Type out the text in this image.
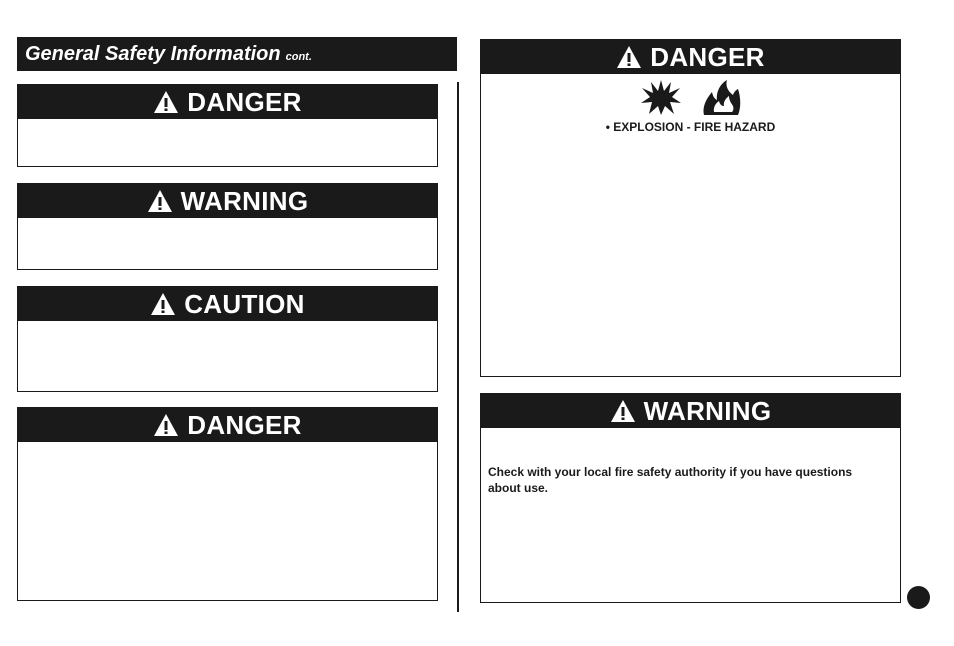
General Safety Information cont.
DANGER
WARNING
CAUTION
DANGER
DANGER
• EXPLOSION - FIRE HAZARD
WARNING
Check with your local fire safety authority if you have questions about use.
